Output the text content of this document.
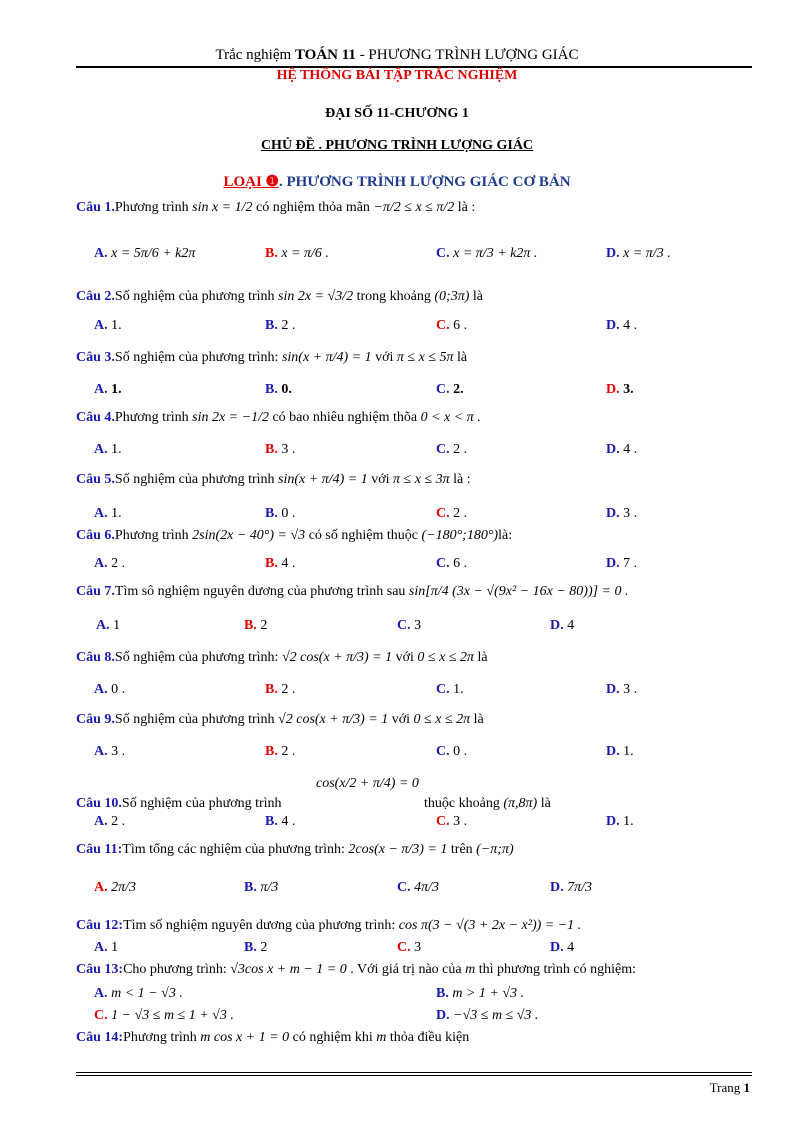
Trắc nghiệm TOÁN 11 - PHƯƠNG TRÌNH LƯỢNG GIÁC
HỆ THỐNG BÀI TẬP TRẮC NGHIỆM
ĐẠI SỐ 11-CHƯƠNG 1
CHỦ ĐỀ . PHƯƠNG TRÌNH LƯỢNG GIÁC
LOẠI ❶. PHƯƠNG TRÌNH LƯỢNG GIÁC CƠ BẢN
Câu 1.Phương trình sin x = 1/2 có nghiệm thỏa mãn −π/2 ≤ x ≤ π/2 là :
A. x = 5π/6 + k2π	B. x = π/6 .	C. x = π/3 + k2π .	D. x = π/3 .
Câu 2.Số nghiệm của phương trình sin 2x = √3/2 trong khoảng (0;3π) là
A. 1.	B. 2 .	C. 6 .	D. 4 .
Câu 3.Số nghiệm của phương trình: sin(x + π/4) = 1 với π ≤ x ≤ 5π là
A. 1.	B. 0.	C. 2.	D. 3.
Câu 4.Phương trình sin 2x = −1/2 có bao nhiêu nghiệm thõa 0 < x < π .
A. 1.	B. 3 .	C. 2 .	D. 4 .
Câu 5.Số nghiệm của phương trình sin(x + π/4) = 1 với π ≤ x ≤ 3π là :
A. 1.	B. 0 .	C. 2 .	D. 3 .
Câu 6.Phương trình 2sin(2x − 40°) = √3 có số nghiệm thuộc (−180°;180°)là:
A. 2 .	B. 4 .	C. 6 .	D. 7 .
Câu 7.Tìm sô nghiệm nguyên dương của phương trình sau sin[π/4 (3x − √(9x² − 16x − 80))] = 0 .
A. 1	B. 2	C. 3	D. 4
Câu 8.Số nghiệm của phương trình: √2 cos(x + π/3) = 1 với 0 ≤ x ≤ 2π là
A. 0 .	B. 2 .	C. 1.	D. 3 .
Câu 9.Số nghiệm của phương trình √2 cos(x + π/3) = 1 với 0 ≤ x ≤ 2π là
A. 3 .	B. 2 .	C. 0 .	D. 1.
cos(x/2 + π/4) = 0
Câu 10.Số nghiệm của phương trình	thuộc khoảng (π,8π) là
A. 2 .	B. 4 .	C. 3 .	D. 1.
Câu 11:Tìm tổng các nghiệm của phương trình: 2cos(x − π/3) = 1 trên (−π;π)
A. 2π/3	B. π/3	C. 4π/3	D. 7π/3
Câu 12:Tìm số nghiệm nguyên dương của phương trình: cos π(3 − √(3 + 2x − x²)) = −1 .
A. 1	B. 2	C. 3	D. 4
Câu 13:Cho phương trình: √3cos x + m − 1 = 0 . Với giá trị nào của m thì phương trình có nghiệm:
A. m < 1 − √3 .	B. m > 1 + √3 .
C. 1 − √3 ≤ m ≤ 1 + √3 .	D. −√3 ≤ m ≤ √3 .
Câu 14:Phương trình m cos x + 1 = 0 có nghiệm khi m thỏa điều kiện
Trang 1
